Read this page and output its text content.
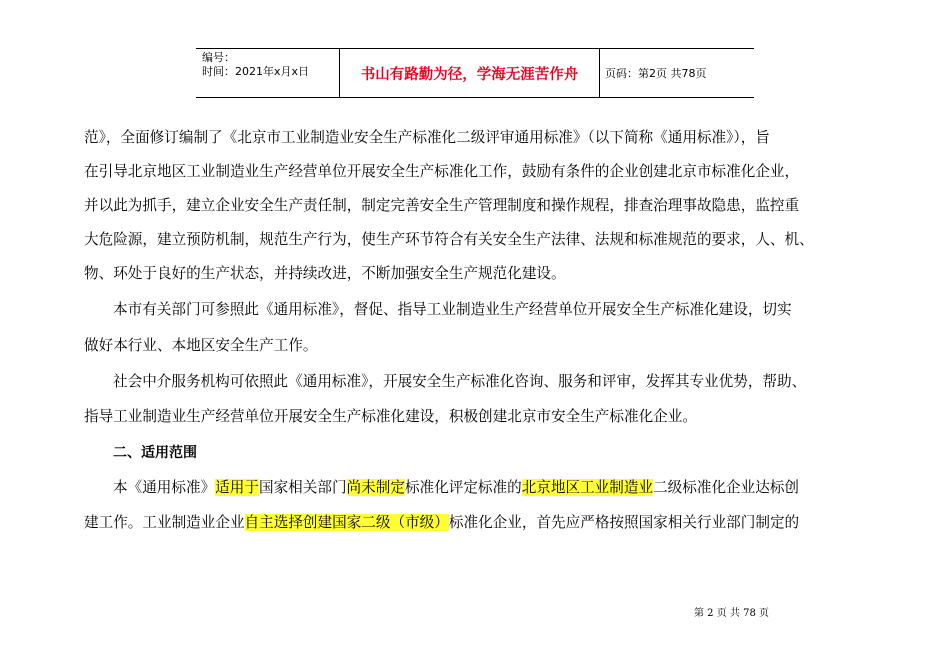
编号：
时间：2021年x月x日	书山有路勤为径，学海无涯苦作舟	页码：第2页 共78页
范》，全面修订编制了《北京市工业制造业安全生产标准化二级评审通用标准》（以下简称《通用标准》），旨
在引导北京地区工业制造业生产经营单位开展安全生产标准化工作，鼓励有条件的企业创建北京市标准化企业，
并以此为抓手，建立企业安全生产责任制，制定完善安全生产管理制度和操作规程，排查治理事故隐患，监控重
大危险源，建立预防机制，规范生产行为，使生产环节符合有关安全生产法律、法规和标准规范的要求，人、机、
物、环处于良好的生产状态，并持续改进，不断加强安全生产规范化建设。
本市有关部门可参照此《通用标准》，督促、指导工业制造业生产经营单位开展安全生产标准化建设，切实
做好本行业、本地区安全生产工作。
社会中介服务机构可依照此《通用标准》，开展安全生产标准化咨询、服务和评审，发挥其专业优势，帮助、
指导工业制造业生产经营单位开展安全生产标准化建设，积极创建北京市安全生产标准化企业。
二、适用范围
本《通用标准》适用于国家相关部门尚未制定标准化评定标准的北京地区工业制造业二级标准化企业达标创
建工作。工业制造业企业自主选择创建国家二级（市级）标准化企业，首先应严格按照国家相关行业部门制定的
第 2 页 共 78 页
